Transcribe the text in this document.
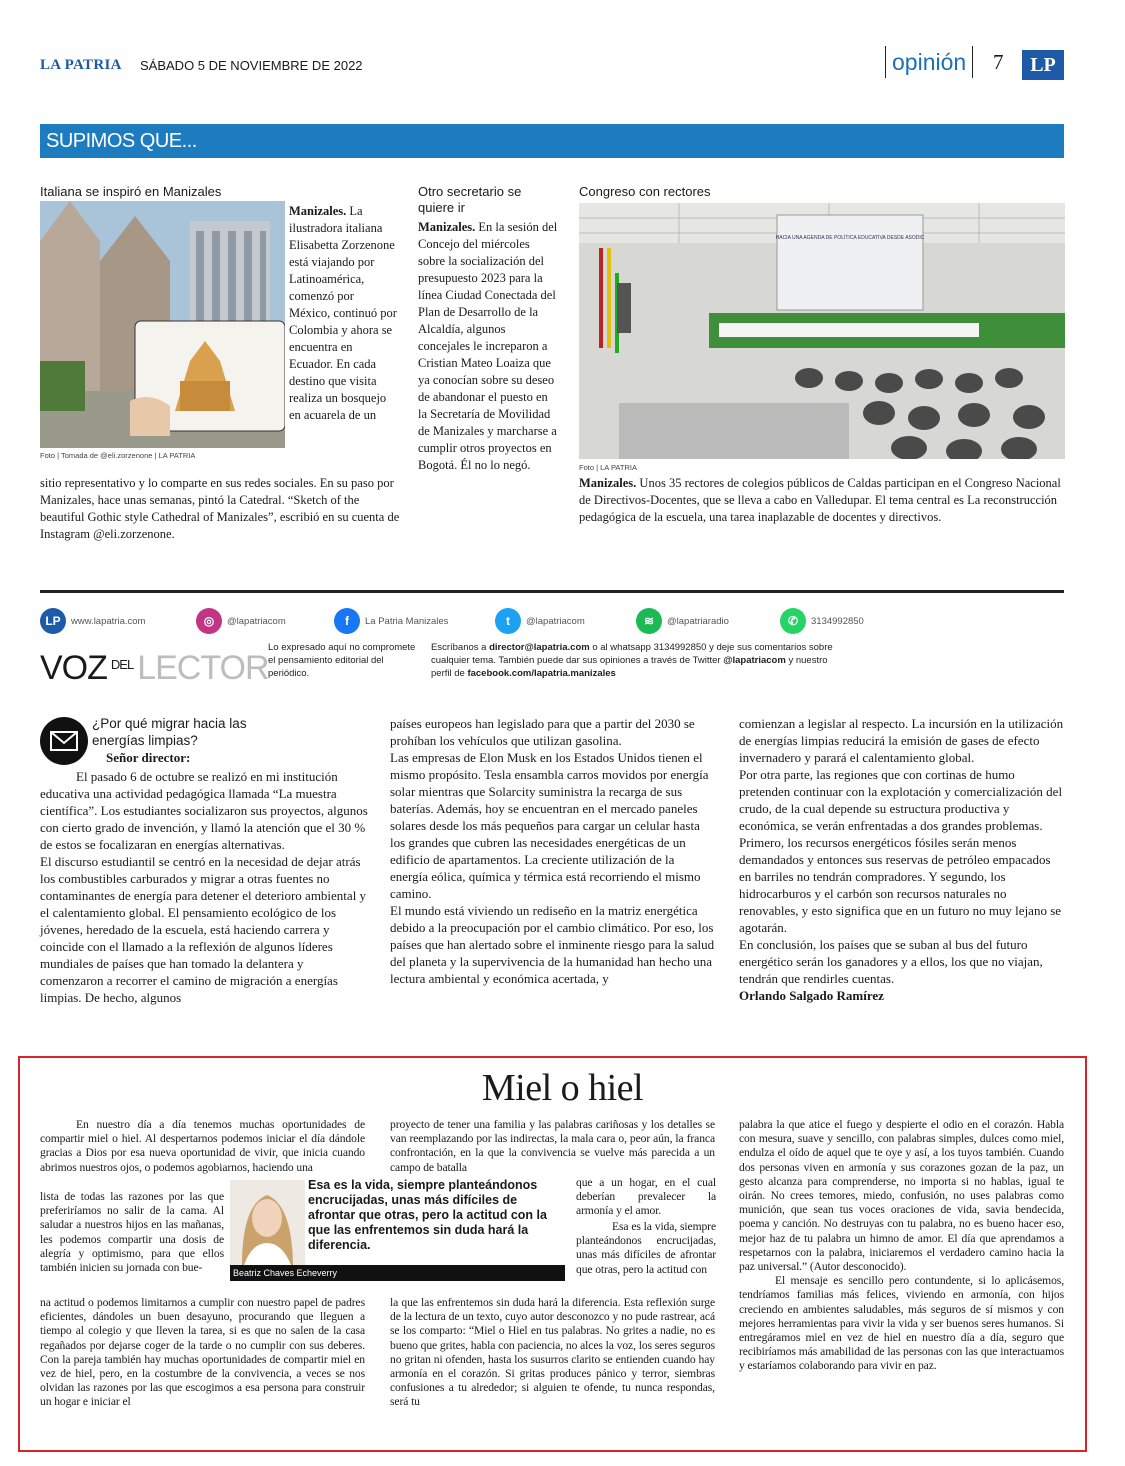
LA PATRIA SÁBADO 5 DE NOVIEMBRE DE 2022	opinión	7	LP
SUPIMOS QUE...
Italiana se inspiró en Manizales
Foto | Tomada de @eli.zorzenone | LA PATRIA
Manizales. La ilustradora italiana Elisabetta Zorzenone está viajando por Latinoamérica, comenzó por México, continuó por Colombia y ahora se encuentra en Ecuador. En cada destino que visita realiza un bosquejo en acuarela de un
sitio representativo y lo comparte en sus redes sociales. En su paso por Manizales, hace unas semanas, pintó la Catedral. “Sketch of the beautiful Gothic style Cathedral of Manizales”, escribió en su cuenta de Instagram @eli.zorzenone.
Otro secretario se quiere ir
Manizales. En la sesión del Concejo del miércoles sobre la socialización del presupuesto 2023 para la línea Ciudad Conectada del Plan de Desarrollo de la Alcaldía, algunos concejales le increparon a Cristian Mateo Loaiza que ya conocían sobre su deseo de abandonar el puesto en la Secretaría de Movilidad de Manizales y marcharse a cumplir otros proyectos en Bogotá. Él no lo negó.
Congreso con rectores
HACIA UNA AGENDA DE POLÍTICA EDUCATIVA DESDE ASODIC
Foto | LA PATRIA
Manizales. Unos 35 rectores de colegios públicos de Caldas participan en el Congreso Nacional de Directivos-Docentes, que se lleva a cabo en Valledupar. El tema central es La reconstrucción pedagógica de la escuela, una tarea inaplazable de docentes y directivos.
LP	www.lapatria.com	◎	@lapatriacom	f	La Patria Manizales	t	@lapatriacom	≋	@lapatriaradio	✆	3134992850
VOZ $^{DEL}$ LECTOR
Lo expresado aquí no compromete el pensamiento editorial del periódico.
Escríbanos a director@lapatria.com o al whatsapp 3134992850 y deje sus comentarios sobre cualquier tema. También puede dar sus opiniones a través de Twitter @lapatriacom y nuestro perfil de facebook.com/lapatria.manizales
¿Por qué migrar hacia las energías limpias?
Señor director:

El pasado 6 de octubre se realizó en mi institución educativa una actividad pedagógica llamada “La muestra científica”. Los estudiantes socializaron sus proyectos, algunos con cierto grado de invención, y llamó la atención que el 30 % de estos se focalizaran en energías alternativas.

El discurso estudiantil se centró en la necesidad de dejar atrás los combustibles carburados y migrar a otras fuentes no contaminantes de energía para detener el deterioro ambiental y el calentamiento global. El pensamiento ecológico de los jóvenes, heredado de la escuela, está haciendo carrera y coincide con el llamado a la reflexión de algunos líderes mundiales de países que han tomado la delantera y comenzaron a recorrer el camino de migración a energías limpias. De hecho, algunos

países europeos han legislado para que a partir del 2030 se prohíban los vehículos que utilizan gasolina.

Las empresas de Elon Musk en los Estados Unidos tienen el mismo propósito. Tesla ensambla carros movidos por energía solar mientras que Solarcity suministra la recarga de sus baterías. Además, hoy se encuentran en el mercado paneles solares desde los más pequeños para cargar un celular hasta los grandes que cubren las necesidades energéticas de un edificio de apartamentos. La creciente utilización de la energía eólica, química y térmica está recorriendo el mismo camino.

El mundo está viviendo un rediseño en la matriz energética debido a la preocupación por el cambio climático. Por eso, los países que han alertado sobre el inminente riesgo para la salud del planeta y la supervivencia de la humanidad han hecho una lectura ambiental y económica acertada, y

comienzan a legislar al respecto. La incursión en la utilización de energías limpias reducirá la emisión de gases de efecto invernadero y parará el calentamiento global.

Por otra parte, las regiones que con cortinas de humo pretenden continuar con la explotación y comercialización del crudo, de la cual depende su estructura productiva y económica, se verán enfrentadas a dos grandes problemas. Primero, los recursos energéticos fósiles serán menos demandados y entonces sus reservas de petróleo empacados en barriles no tendrán compradores. Y segundo, los hidrocarburos y el carbón son recursos naturales no renovables, y esto significa que en un futuro no muy lejano se agotarán.

En conclusión, los países que se suban al bus del futuro energético serán los ganadores y a ellos, los que no viajan, tendrán que rendirles cuentas.

Orlando Salgado Ramírez

Miel o hiel

En nuestro día a día tenemos muchas oportunidades de compartir miel o hiel. Al despertarnos podemos iniciar el día dándole gracias a Dios por esa nueva oportunidad de vivir, que inicia cuando abrimos nuestros ojos, o podemos agobiarnos, haciendo una

lista de todas las razones por las que preferiríamos no salir de la cama. Al saludar a nuestros hijos en las mañanas, les podemos compartir una dosis de alegría y optimismo, para que ellos también inicien su jornada con bue-
na actitud o podemos limitarnos a cumplir con nuestro papel de padres eficientes, dándoles un buen desayuno, procurando que lleguen a tiempo al colegio y que lleven la tarea, si es que no salen de la casa regañados por dejarse coger de la tarde o no cumplir con sus deberes. Con la pareja también hay muchas oportunidades de compartir miel en vez de hiel, pero, en la costumbre de la convivencia, a veces se nos olvidan las razones por las que escogimos a esa persona para construir un hogar e iniciar el
Esa es la vida, siempre planteándonos encrucijadas, unas más difíciles de afrontar que otras, pero la actitud con la que las enfrentemos sin duda hará la diferencia.
Beatriz Chaves Echeverry
proyecto de tener una familia y las palabras cariñosas y los detalles se van reemplazando por las indirectas, la mala cara o, peor aún, la franca confrontación, en la que la convivencia se vuelve más parecida a un campo de batalla
que a un hogar, en el cual deberían prevalecer la armonía y el amor.
Esa es la vida, siempre planteándonos encrucijadas, unas más difíciles de afrontar que otras, pero la actitud con
la que las enfrentemos sin duda hará la diferencia. Esta reflexión surge de la lectura de un texto, cuyo autor desconozco y no pude rastrear, acá se los comparto: “Miel o Hiel en tus palabras. No grites a nadie, no es bueno que grites, habla con paciencia, no alces la voz, los seres seguros no gritan ni ofenden, hasta los susurros clarito se entienden cuando hay armonía en el corazón. Si gritas produces pánico y terror, siembras confusiones a tu alrededor; si alguien te ofende, tu nunca respondas, será tu

palabra la que atice el fuego y despierte el odio en el corazón. Habla con mesura, suave y sencillo, con palabras simples, dulces como miel, endulza el oído de aquel que te oye y así, a los tuyos también. Cuando dos personas viven en armonía y sus corazones gozan de la paz, un gesto alcanza para comprenderse, no importa si no hablas, igual te oirán. No crees temores, miedo, confusión, no uses palabras como munición, que sean tus voces oraciones de vida, savia bendecida, poema y canción. No destruyas con tu palabra, no es bueno hacer eso, mejor haz de tu palabra un himno de amor. El día que aprendamos a respetarnos con la palabra, iniciaremos el verdadero camino hacia la paz universal.” (Autor desconocido).

El mensaje es sencillo pero contundente, si lo aplicásemos, tendríamos familias más felices, viviendo en armonía, con hijos creciendo en ambientes saludables, más seguros de sí mismos y con mejores herramientas para vivir la vida y ser buenos seres humanos. Si entregáramos miel en vez de hiel en nuestro día a día, seguro que recibiríamos más amabilidad de las personas con las que interactuamos y estaríamos colaborando para vivir en paz.
